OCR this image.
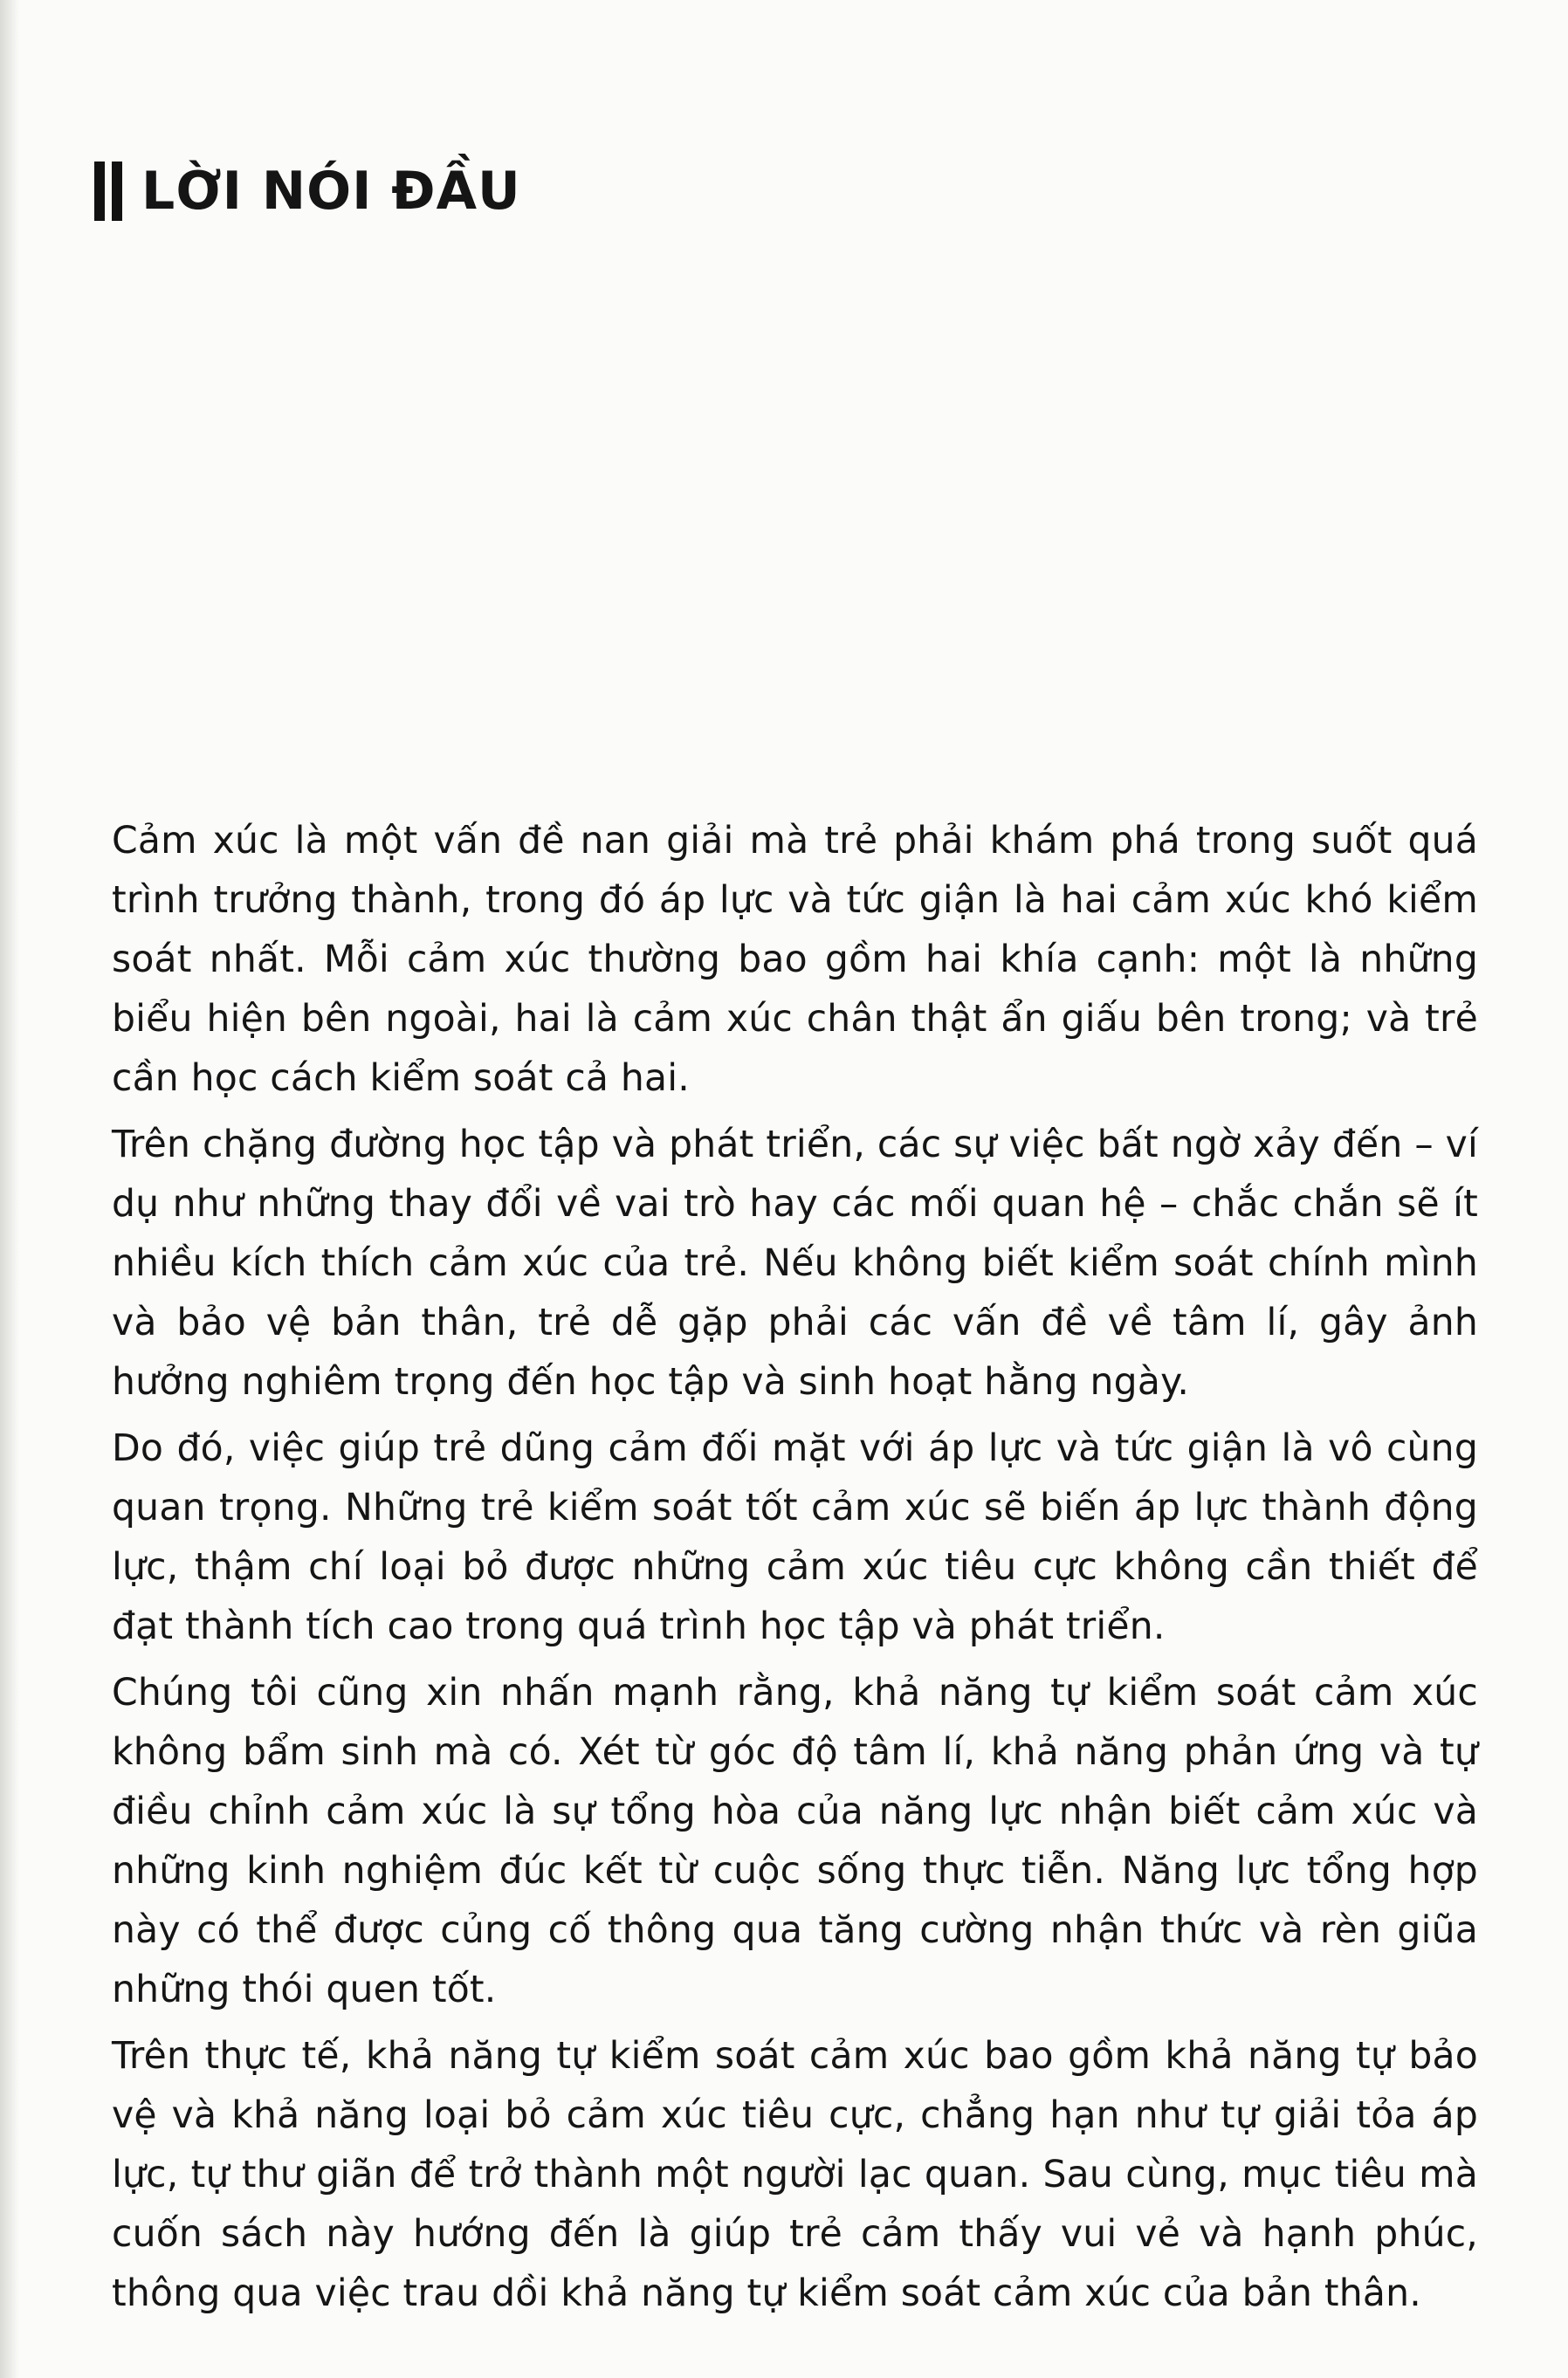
LỜI NÓI ĐẦU

Cảm xúc là một vấn đề nan giải mà trẻ phải khám phá trong suốt quá trình trưởng thành, trong đó áp lực và tức giận là hai cảm xúc khó kiểm soát nhất. Mỗi cảm xúc thường bao gồm hai khía cạnh: một là những biểu hiện bên ngoài, hai là cảm xúc chân thật ẩn giấu bên trong; và trẻ cần học cách kiểm soát cả hai.

Trên chặng đường học tập và phát triển, các sự việc bất ngờ xảy đến – ví dụ như những thay đổi về vai trò hay các mối quan hệ – chắc chắn sẽ ít nhiều kích thích cảm xúc của trẻ. Nếu không biết kiểm soát chính mình và bảo vệ bản thân, trẻ dễ gặp phải các vấn đề về tâm lí, gây ảnh hưởng nghiêm trọng đến học tập và sinh hoạt hằng ngày.

Do đó, việc giúp trẻ dũng cảm đối mặt với áp lực và tức giận là vô cùng quan trọng. Những trẻ kiểm soát tốt cảm xúc sẽ biến áp lực thành động lực, thậm chí loại bỏ được những cảm xúc tiêu cực không cần thiết để đạt thành tích cao trong quá trình học tập và phát triển.

Chúng tôi cũng xin nhấn mạnh rằng, khả năng tự kiểm soát cảm xúc không bẩm sinh mà có. Xét từ góc độ tâm lí, khả năng phản ứng và tự điều chỉnh cảm xúc là sự tổng hòa của năng lực nhận biết cảm xúc và những kinh nghiệm đúc kết từ cuộc sống thực tiễn. Năng lực tổng hợp này có thể được củng cố thông qua tăng cường nhận thức và rèn giũa những thói quen tốt.

Trên thực tế, khả năng tự kiểm soát cảm xúc bao gồm khả năng tự bảo vệ và khả năng loại bỏ cảm xúc tiêu cực, chẳng hạn như tự giải tỏa áp lực, tự thư giãn để trở thành một người lạc quan. Sau cùng, mục tiêu mà cuốn sách này hướng đến là giúp trẻ cảm thấy vui vẻ và hạnh phúc, thông qua việc trau dồi khả năng tự kiểm soát cảm xúc của bản thân.
